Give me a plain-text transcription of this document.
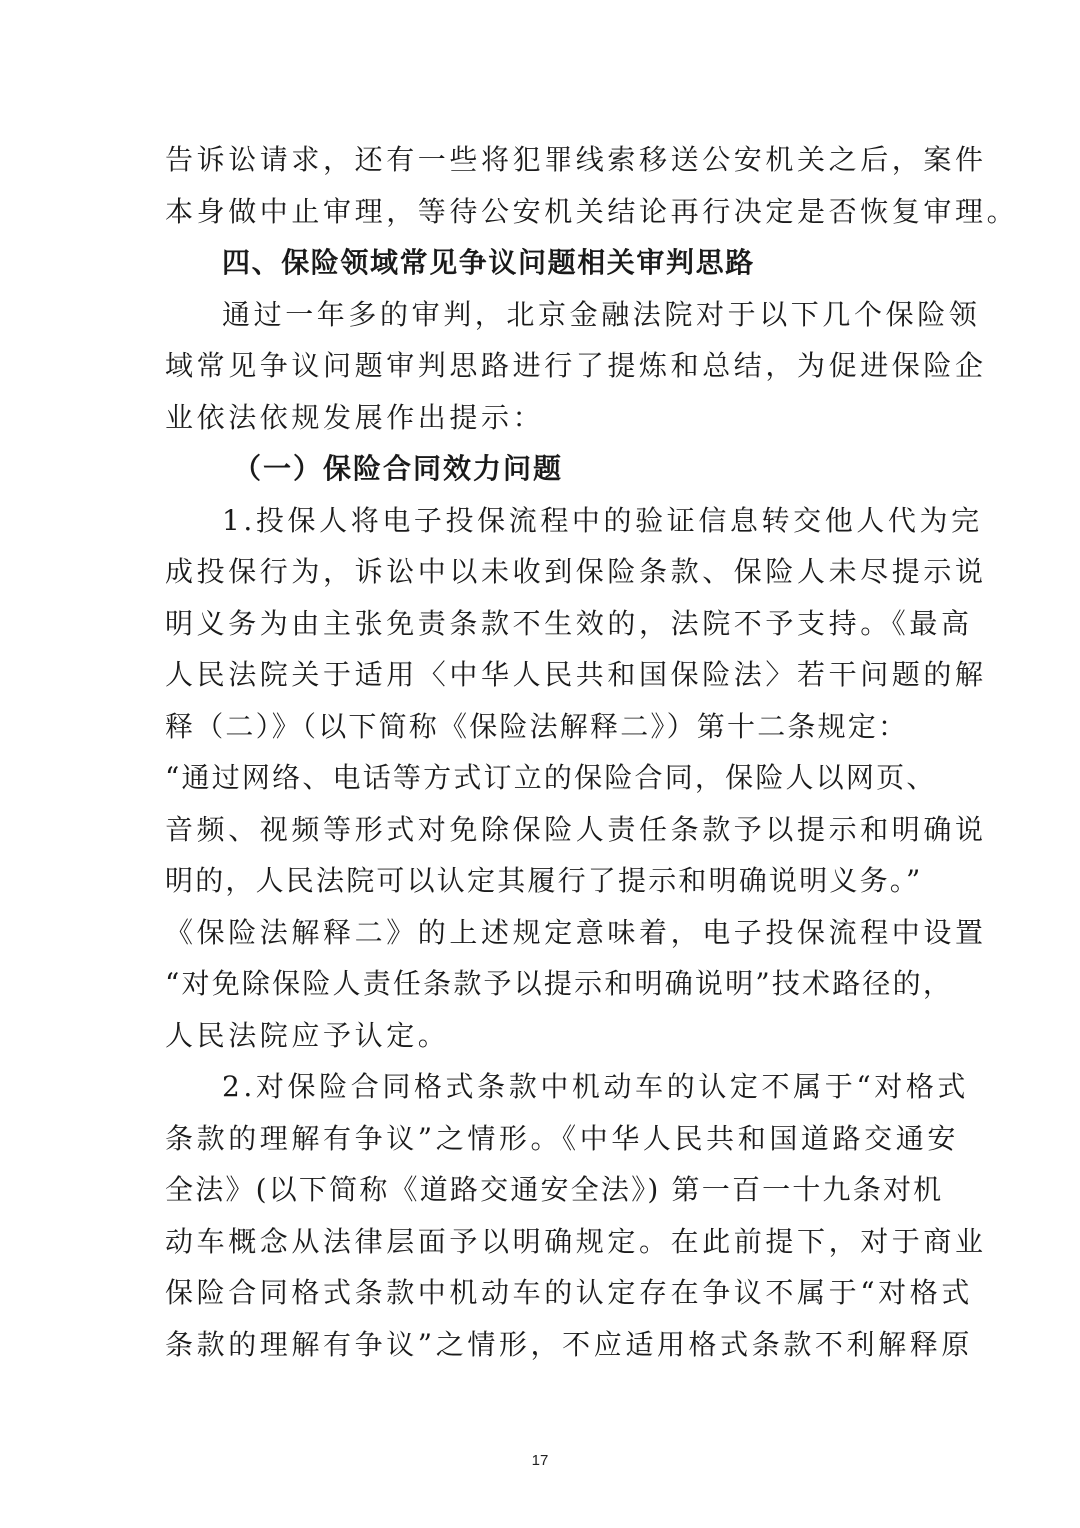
告诉讼请求，还有一些将犯罪线索移送公安机关之后，案件
本身做中止审理，等待公安机关结论再行决定是否恢复审理。
四、保险领域常见争议问题相关审判思路
通过一年多的审判，北京金融法院对于以下几个保险领
域常见争议问题审判思路进行了提炼和总结，为促进保险企
业依法依规发展作出提示：
（一）保险合同效力问题
1.投保人将电子投保流程中的验证信息转交他人代为完
成投保行为，诉讼中以未收到保险条款、保险人未尽提示说
明义务为由主张免责条款不生效的，法院不予支持。《最高
人民法院关于适用〈中华人民共和国保险法〉若干问题的解
释（二）》（以下简称《保险法解释二》）第十二条规定：
“通过网络、电话等方式订立的保险合同，保险人以网页、
音频、视频等形式对免除保险人责任条款予以提示和明确说
明的，人民法院可以认定其履行了提示和明确说明义务。”
《保险法解释二》的上述规定意味着，电子投保流程中设置
“对免除保险人责任条款予以提示和明确说明”技术路径的，
人民法院应予认定。
2.对保险合同格式条款中机动车的认定不属于“对格式
条款的理解有争议”之情形。《中华人民共和国道路交通安
全法》(以下简称《道路交通安全法》) 第一百一十九条对机
动车概念从法律层面予以明确规定。在此前提下，对于商业
保险合同格式条款中机动车的认定存在争议不属于“对格式
条款的理解有争议”之情形，不应适用格式条款不利解释原
17
